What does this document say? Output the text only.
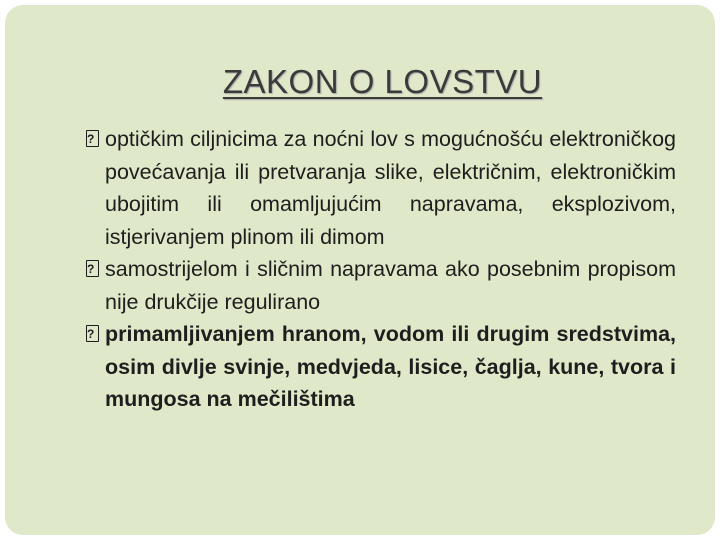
ZAKON O LOVSTVU
?
optičkim ciljnicima za noćni lov s mogućnošću elektroničkog povećavanja ili pretvaranja slike, električnim, elektroničkim ubojitim ili omamljujućim napravama, eksplozivom, istjerivanjem plinom ili dimom
?
samostrijelom i sličnim napravama ako posebnim propisom nije drukčije regulirano
?
primamljivanjem hranom, vodom ili drugim sredstvima, osim divlje svinje, medvjeda, lisice, čaglja, kune, tvora i mungosa na mečilištima
